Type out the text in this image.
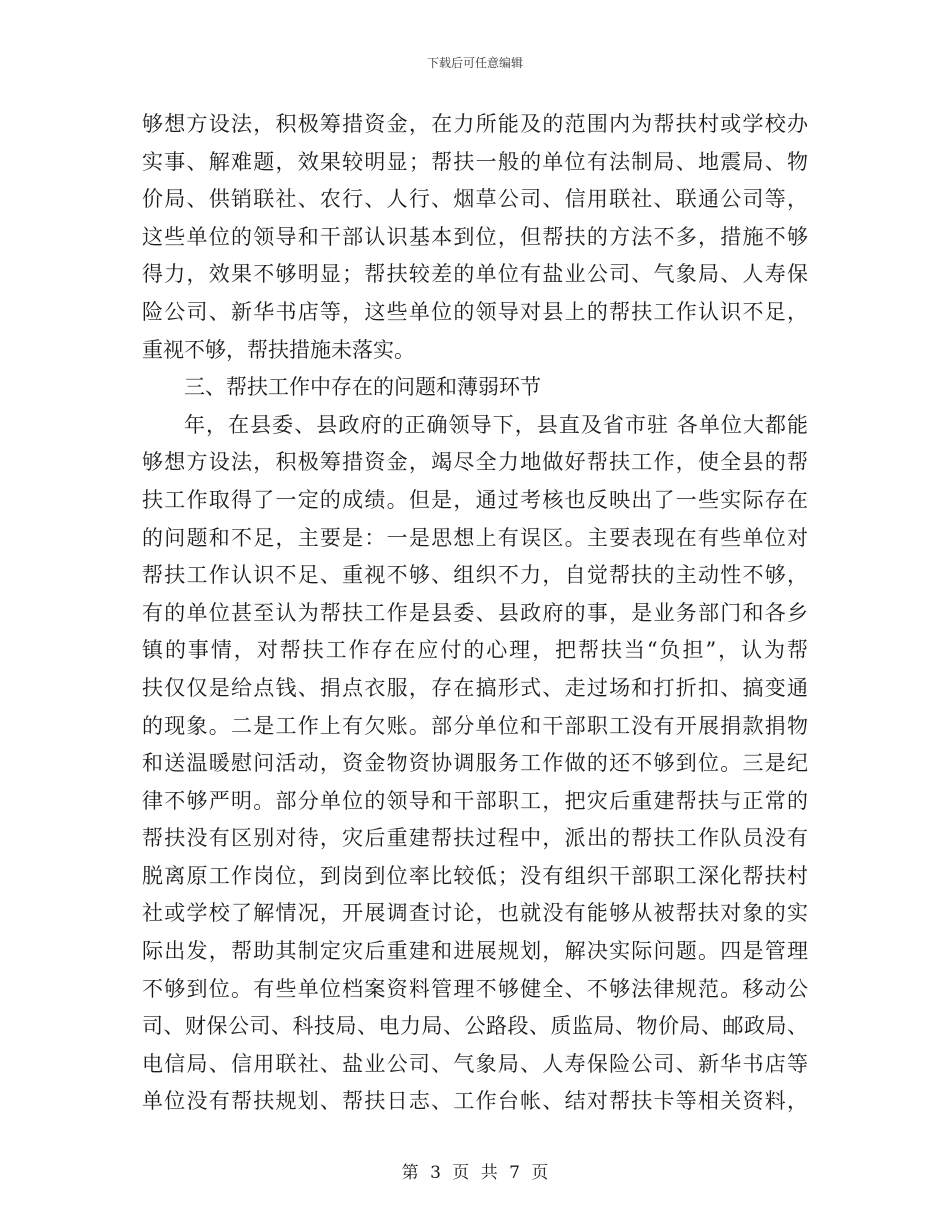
下载后可任意编辑
够想方设法，积极筹措资金，在力所能及的范围内为帮扶村或学校办
实事、解难题，效果较明显；帮扶一般的单位有法制局、地震局、物
价局、供销联社、农行、人行、烟草公司、信用联社、联通公司等，
这些单位的领导和干部认识基本到位，但帮扶的方法不多，措施不够
得力，效果不够明显；帮扶较差的单位有盐业公司、气象局、人寿保
险公司、新华书店等，这些单位的领导对县上的帮扶工作认识不足，
重视不够，帮扶措施未落实。
三、帮扶工作中存在的问题和薄弱环节
年，在县委、县政府的正确领导下，县直及省市驻 各单位大都能
够想方设法，积极筹措资金，竭尽全力地做好帮扶工作，使全县的帮
扶工作取得了一定的成绩。但是，通过考核也反映出了一些实际存在
的问题和不足，主要是：一是思想上有误区。主要表现在有些单位对
帮扶工作认识不足、重视不够、组织不力，自觉帮扶的主动性不够，
有的单位甚至认为帮扶工作是县委、县政府的事，是业务部门和各乡
镇的事情，对帮扶工作存在应付的心理，把帮扶当“负担”，认为帮
扶仅仅是给点钱、捐点衣服，存在搞形式、走过场和打折扣、搞变通
的现象。二是工作上有欠账。部分单位和干部职工没有开展捐款捐物
和送温暖慰问活动，资金物资协调服务工作做的还不够到位。三是纪
律不够严明。部分单位的领导和干部职工，把灾后重建帮扶与正常的
帮扶没有区别对待，灾后重建帮扶过程中，派出的帮扶工作队员没有
脱离原工作岗位，到岗到位率比较低；没有组织干部职工深化帮扶村
社或学校了解情况，开展调查讨论，也就没有能够从被帮扶对象的实
际出发，帮助其制定灾后重建和进展规划，解决实际问题。四是管理
不够到位。有些单位档案资料管理不够健全、不够法律规范。移动公
司、财保公司、科技局、电力局、公路段、质监局、物价局、邮政局、
电信局、信用联社、盐业公司、气象局、人寿保险公司、新华书店等
单位没有帮扶规划、帮扶日志、工作台帐、结对帮扶卡等相关资料，
第 3 页 共 7 页
